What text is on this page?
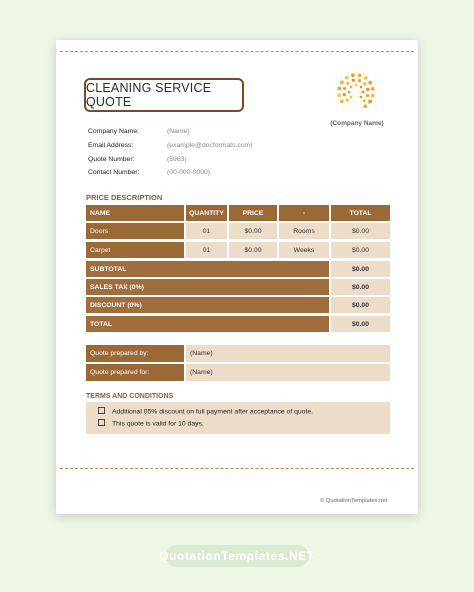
CLEANING SERVICE QUOTE
(Company Name)
Company Name:	(Name)
Email Address:	(example@docformats.com)
Quote Number:	(5963)
Contact Number:	(00-000-0000)
PRICE DESCRIPTION
NAME	QUANTITY	PRICE	-	TOTAL
Doors	01	$0.00	Rooms	$0.00
Carpet	01	$0.00	Weeks	$0.00
SUBTOTAL	$0.00
SALES TAX (0%)	$0.00
DISCOUNT (0%)	$0.00
TOTAL	$0.00
Quote prepared by:	(Name)
Quote prepared for:	(Name)
TERMS AND CONDITIONS
Additional 05% discount on full payment after acceptance of quote.
This quote is valid for 10 days.
© QuotationTemplates.net
QuotationTemplates.NET
